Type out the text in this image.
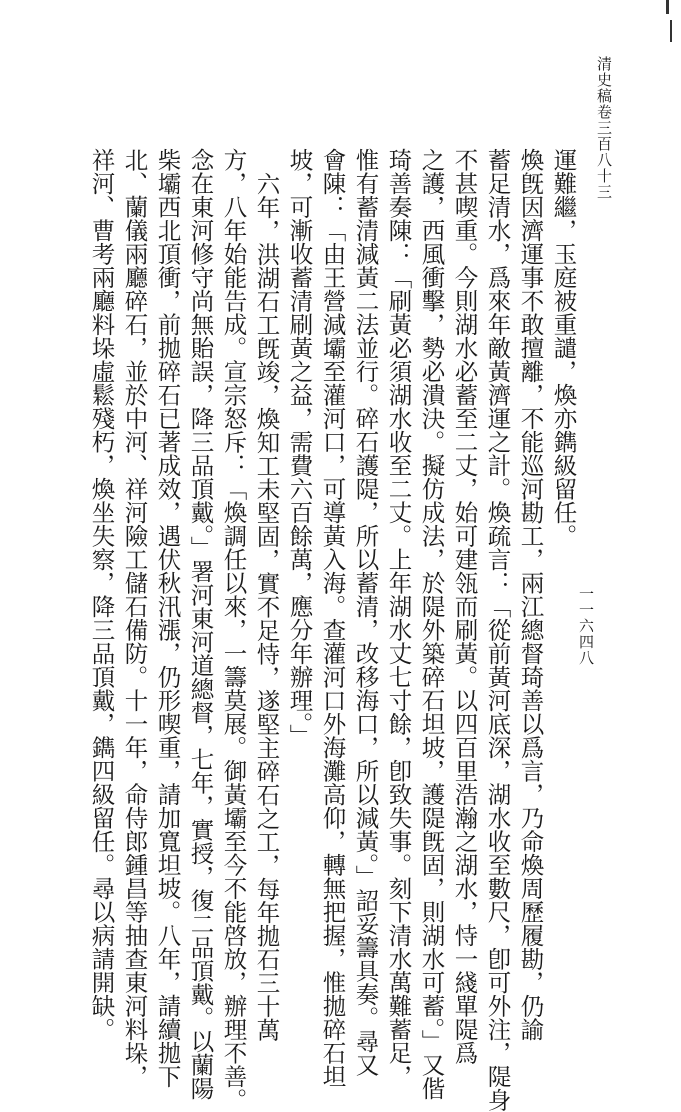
清史稿卷三百八十三
一一六四八
運難繼，玉庭被重譴，煥亦鐫級留任。
煥旣因濟運事不敢擅離，不能巡河勘工，兩江總督琦善以爲言，乃命煥周歷履勘，仍諭
蓄足清水，爲來年敵黃濟運之計。煥疏言：「從前黃河底深，湖水收至數尺，卽可外注，隄身
不甚喫重。今則湖水必蓄至二丈，始可建瓴而刷黃。以四百里浩瀚之湖水，恃一綫單隄爲
之護，西風衝擊，勢必潰決。擬仿成法，於隄外築碎石坦坡，護隄旣固，則湖水可蓄。」又偕
琦善奏陳：「刷黃必須湖水收至二丈。上年湖水丈七寸餘，卽致失事。刻下清水萬難蓄足，
惟有蓄清減黃二法並行。碎石護隄，所以蓄清，改移海口，所以減黃。」詔妥籌具奏。尋又
會陳：「由王營減壩至灌河口，可導黃入海。查灌河口外海灘高仰，轉無把握，惟拋碎石坦
坡，可漸收蓄清刷黃之益，需費六百餘萬，應分年辦理。」
六年，洪湖石工旣竣，煥知工未堅固，實不足恃，遂堅主碎石之工，每年拋石三十萬
方，八年始能告成。宣宗怒斥：「煥調任以來，一籌莫展。御黃壩至今不能啓放，辦理不善。
念在東河修守尚無貽誤，降三品頂戴。」署河東河道總督，七年，實授，復二品頂戴。以蘭陽
柴壩西北頂衝，前拋碎石已著成效，遇伏秋汛漲，仍形喫重，請加寬坦坡。八年，請續拋下
北、蘭儀兩廳碎石，並於中河、祥河險工儲石備防。十一年，命侍郎鍾昌等抽查東河料垛，
祥河、曹考兩廳料垛虛鬆殘朽，煥坐失察，降三品頂戴，鐫四級留任。尋以病請開缺。
